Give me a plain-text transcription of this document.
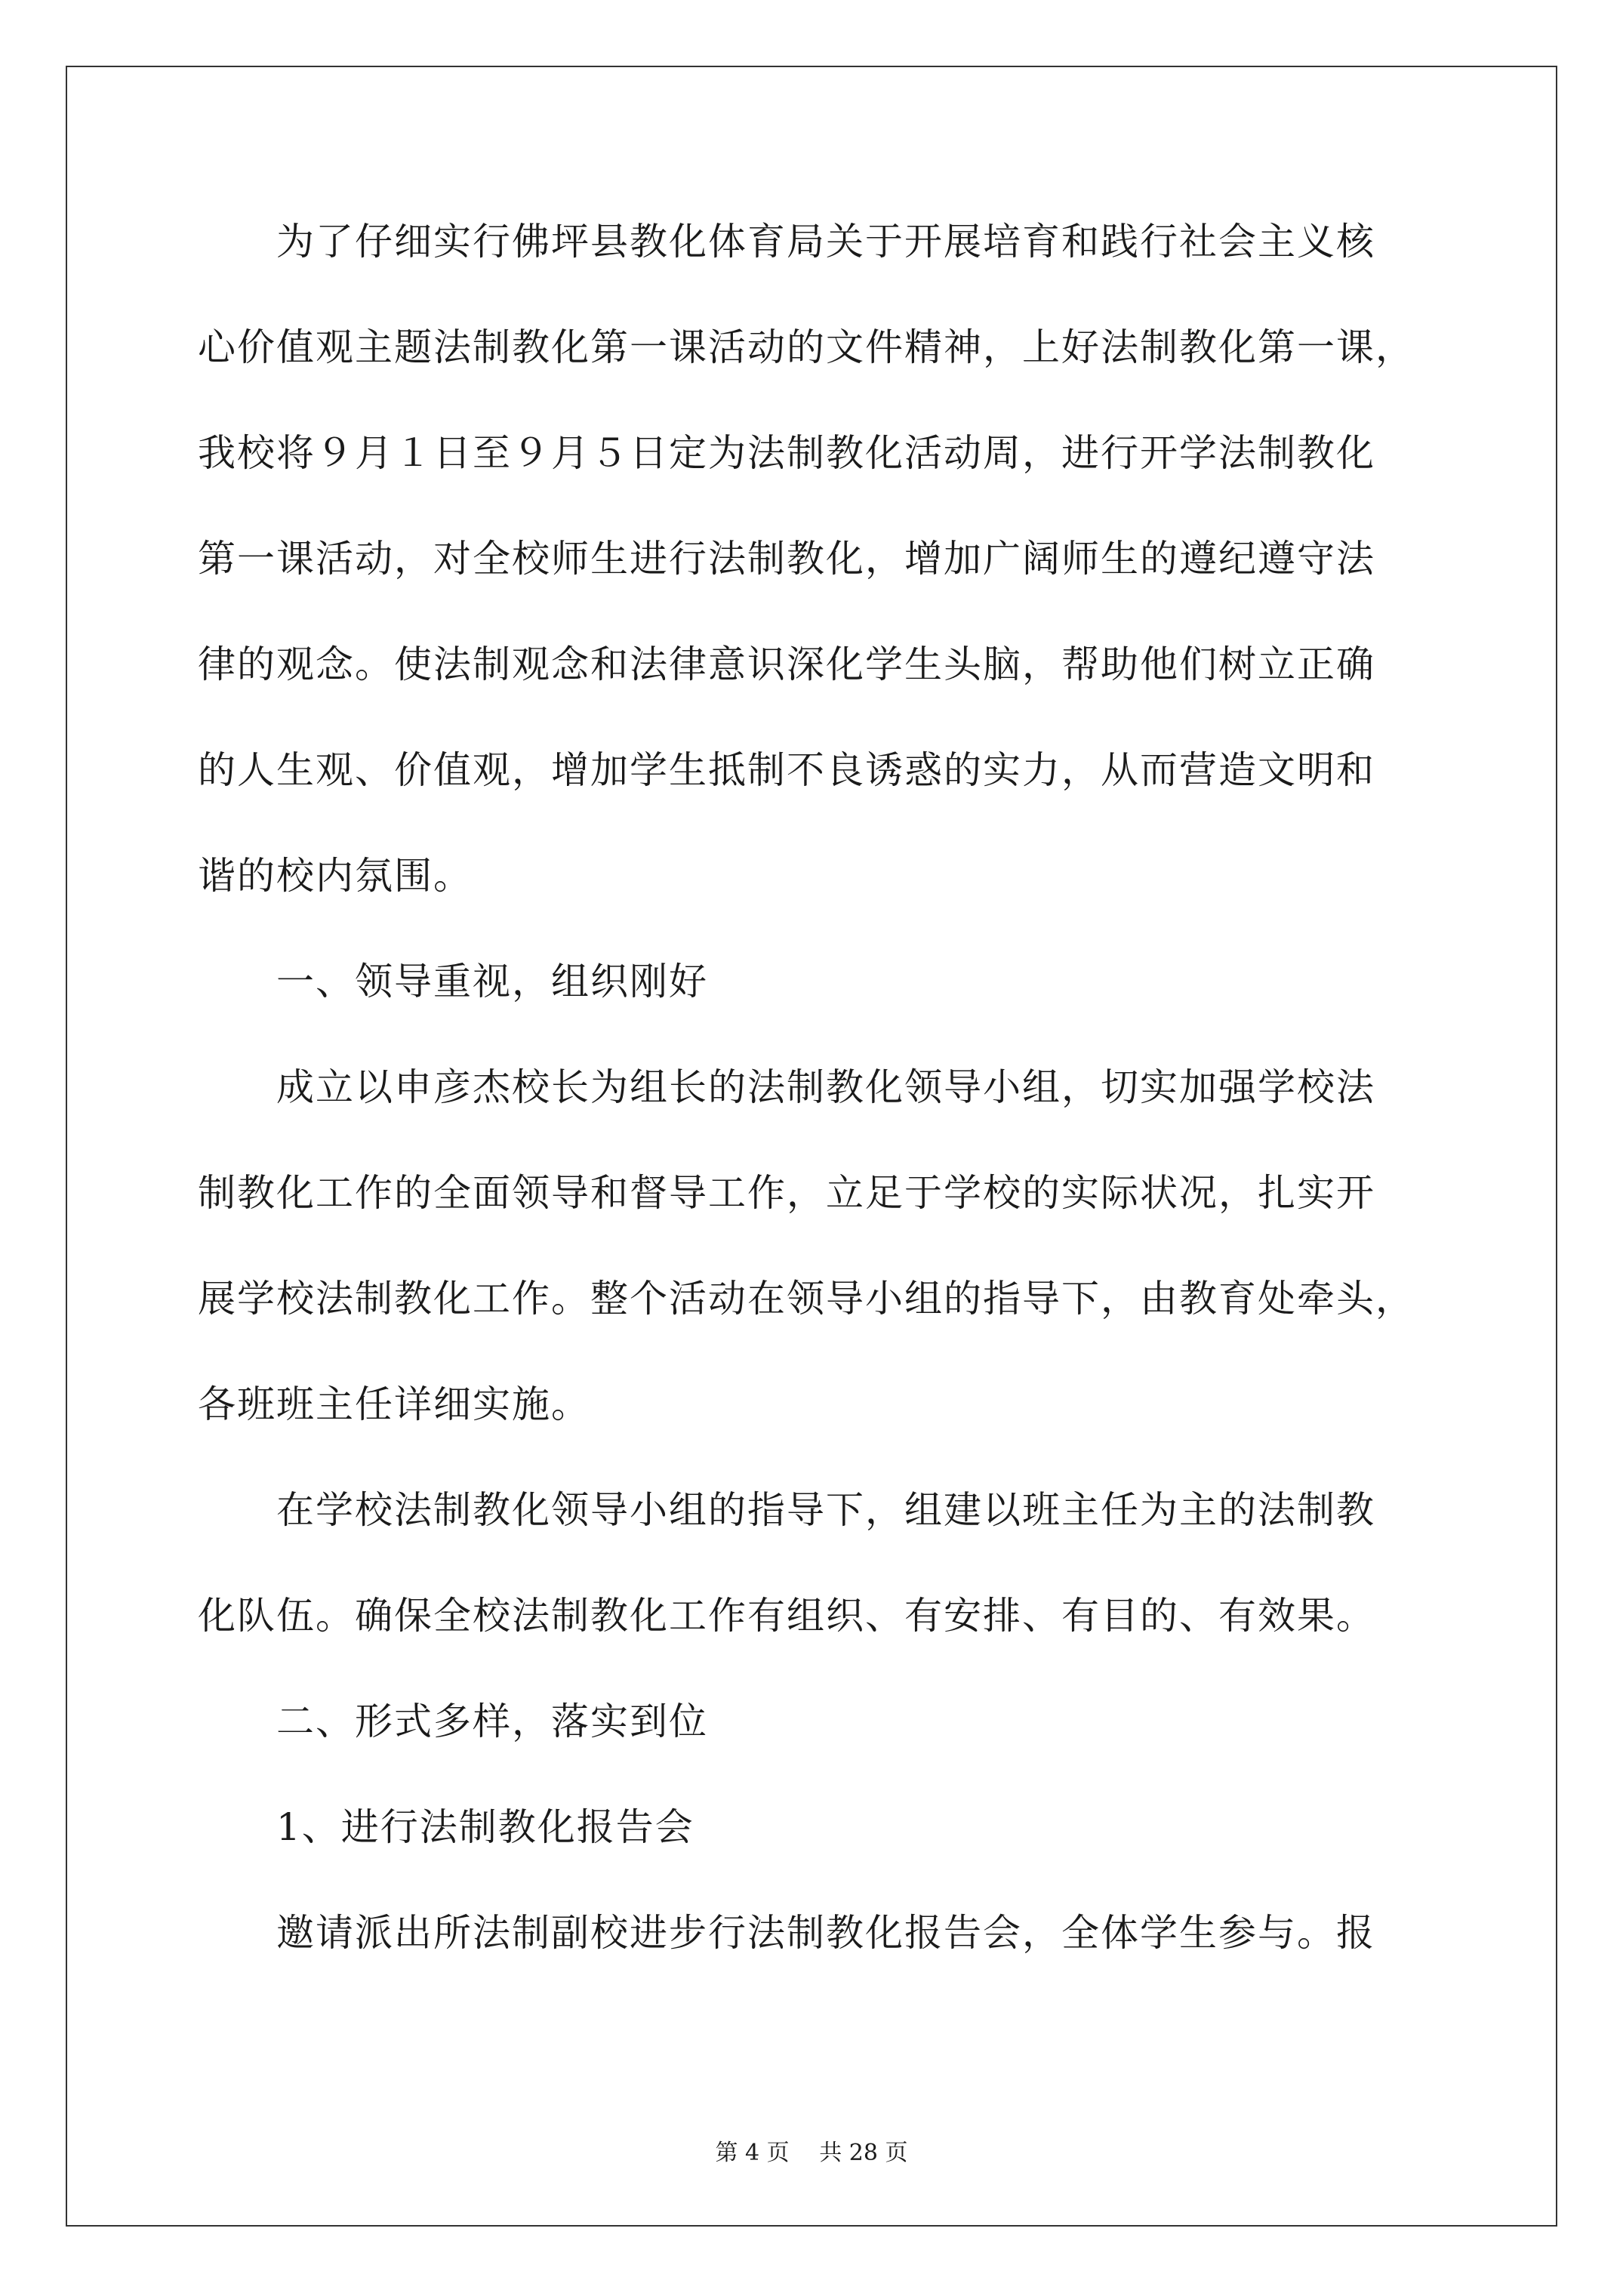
　　为了仔细实行佛坪县教化体育局关于开展培育和践行社会主义核
心价值观主题法制教化第一课活动的文件精神，上好法制教化第一课，
我校将９月１日至９月５日定为法制教化活动周，进行开学法制教化
第一课活动，对全校师生进行法制教化，增加广阔师生的遵纪遵守法
律的观念。使法制观念和法律意识深化学生头脑，帮助他们树立正确
的人生观、价值观，增加学生抵制不良诱惑的实力，从而营造文明和
谐的校内氛围。
　　一、领导重视，组织刚好
　　成立以申彦杰校长为组长的法制教化领导小组，切实加强学校法
制教化工作的全面领导和督导工作，立足于学校的实际状况，扎实开
展学校法制教化工作。整个活动在领导小组的指导下，由教育处牵头，
各班班主任详细实施。
　　在学校法制教化领导小组的指导下，组建以班主任为主的法制教
化队伍。确保全校法制教化工作有组织、有安排、有目的、有效果。
　　二、形式多样，落实到位
　　1、进行法制教化报告会
　　邀请派出所法制副校进步行法制教化报告会，全体学生参与。报
第 4 页　 共 28 页
